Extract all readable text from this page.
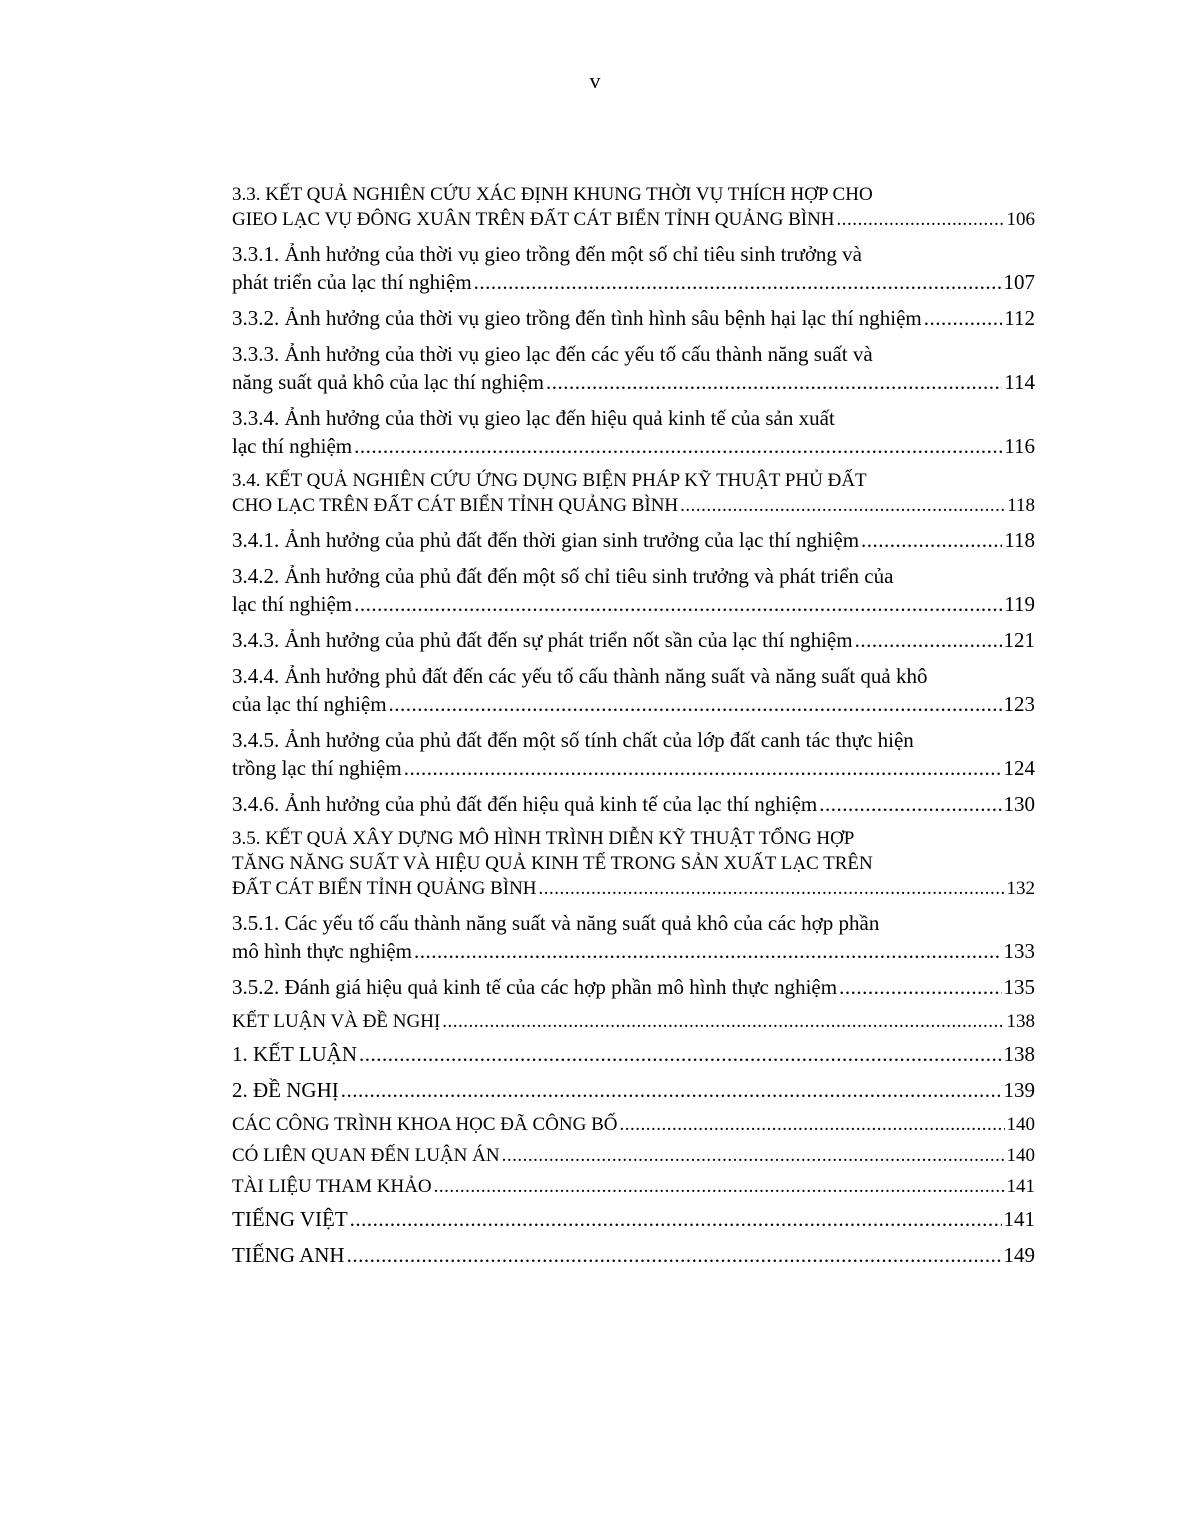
v
3.3. KẾT QUẢ NGHIÊN CỨU XÁC ĐỊNH KHUNG THỜI VỤ THÍCH HỢP CHO
GIEO LẠC VỤ ĐÔNG XUÂN TRÊN ĐẤT CÁT BIỂN TỈNH QUẢNG BÌNH .....	106
3.3.1. Ảnh hưởng của thời vụ gieo trồng đến một số chỉ tiêu sinh trưởng và
phát triển của lạc thí nghiệm .....	107
3.3.2. Ảnh hưởng của thời vụ gieo trồng đến tình hình sâu bệnh hại lạc thí nghiệm .....	112
3.3.3. Ảnh hưởng của thời vụ gieo lạc đến các yếu tố cấu thành năng suất và
năng suất quả khô của lạc thí nghiệm .....	114
3.3.4. Ảnh hưởng của thời vụ gieo lạc đến hiệu quả kinh tế của sản xuất
lạc thí nghiệm .....	116
3.4. KẾT QUẢ NGHIÊN CỨU ỨNG DỤNG BIỆN PHÁP KỸ THUẬT PHỦ ĐẤT
CHO LẠC TRÊN ĐẤT CÁT BIỂN TỈNH QUẢNG BÌNH .....	118
3.4.1. Ảnh hưởng của phủ đất đến thời gian sinh trưởng của lạc thí nghiệm .....	118
3.4.2. Ảnh hưởng của phủ đất đến một số chỉ tiêu sinh trưởng và phát triển của
lạc thí nghiệm .....	119
3.4.3. Ảnh hưởng của phủ đất đến sự phát triển nốt sần của lạc thí nghiệm .....	121
3.4.4. Ảnh hưởng phủ đất đến các yếu tố cấu thành năng suất và năng suất quả khô
của lạc thí nghiệm .....	123
3.4.5. Ảnh hưởng của phủ đất đến một số tính chất của lớp đất canh tác thực hiện
trồng lạc thí nghiệm .....	124
3.4.6. Ảnh hưởng của phủ đất đến hiệu quả kinh tế của lạc thí nghiệm .....	130
3.5. KẾT QUẢ XÂY DỰNG MÔ HÌNH TRÌNH DIỄN KỸ THUẬT TỔNG HỢP
TĂNG NĂNG SUẤT VÀ HIỆU QUẢ KINH TẾ TRONG SẢN XUẤT LẠC TRÊN
ĐẤT CÁT BIỂN TỈNH QUẢNG BÌNH .....	132
3.5.1. Các yếu tố cấu thành năng suất và năng suất quả khô của các hợp phần
mô hình thực nghiệm .....	133
3.5.2. Đánh giá hiệu quả kinh tế của các hợp phần mô hình thực nghiệm .....	135
KẾT LUẬN VÀ ĐỀ NGHỊ .....	138
1. KẾT LUẬN .....	138
2. ĐỀ NGHỊ .....	139
CÁC CÔNG TRÌNH KHOA HỌC ĐÃ CÔNG BỐ .....	140
CÓ LIÊN QUAN ĐẾN LUẬN ÁN .....	140
TÀI LIỆU THAM KHẢO .....	141
TIẾNG VIỆT .....	141
TIẾNG ANH .....	149
